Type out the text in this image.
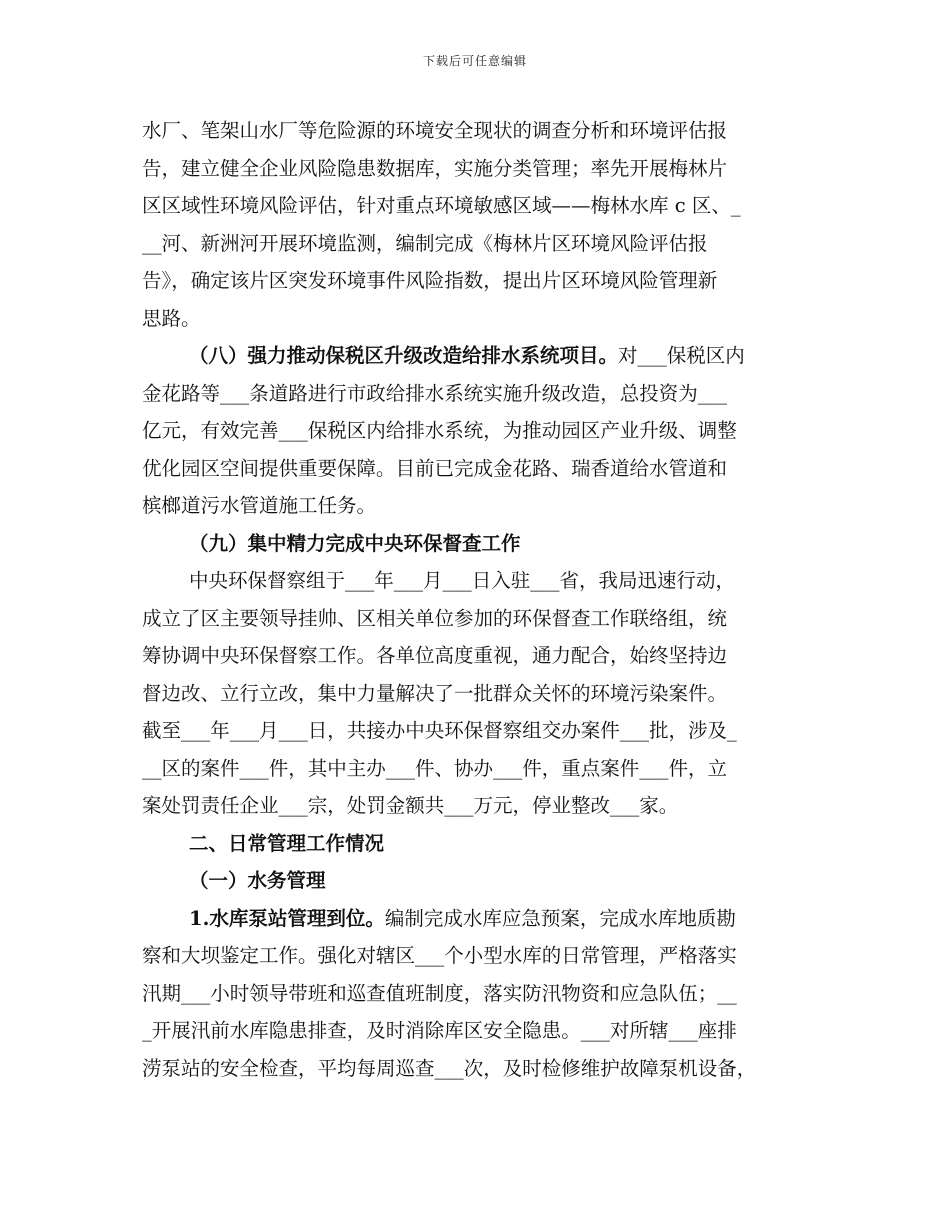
下载后可任意编辑
水厂、笔架山水厂等危险源的环境安全现状的调查分析和环境评估报
告，建立健全企业风险隐患数据库，实施分类管理；率先开展梅林片
区区域性环境风险评估，针对重点环境敏感区域——梅林水库 c 区、_
__河、新洲河开展环境监测，编制完成《梅林片区环境风险评估报
告》，确定该片区突发环境事件风险指数，提出片区环境风险管理新
思路。
（八）强力推动保税区升级改造给排水系统项目。对___保税区内
金花路等___条道路进行市政给排水系统实施升级改造，总投资为___
亿元，有效完善___保税区内给排水系统，为推动园区产业升级、调整
优化园区空间提供重要保障。目前已完成金花路、瑞香道给水管道和
槟榔道污水管道施工任务。
（九）集中精力完成中央环保督查工作
中央环保督察组于___年___月___日入驻___省，我局迅速行动，
成立了区主要领导挂帅、区相关单位参加的环保督查工作联络组，统
筹协调中央环保督察工作。各单位高度重视，通力配合，始终坚持边
督边改、立行立改，集中力量解决了一批群众关怀的环境污染案件。
截至___年___月___日，共接办中央环保督察组交办案件___批，涉及_
__区的案件___件，其中主办___件、协办___件，重点案件___件，立
案处罚责任企业___宗，处罚金额共___万元，停业整改___家。
二、日常管理工作情况
（一）水务管理
1.水库泵站管理到位。编制完成水库应急预案，完成水库地质勘
察和大坝鉴定工作。强化对辖区___个小型水库的日常管理，严格落实
汛期___小时领导带班和巡查值班制度，落实防汛物资和应急队伍；__
_开展汛前水库隐患排查，及时消除库区安全隐患。___对所辖___座排
涝泵站的安全检查，平均每周巡查___次，及时检修维护故障泵机设备，
